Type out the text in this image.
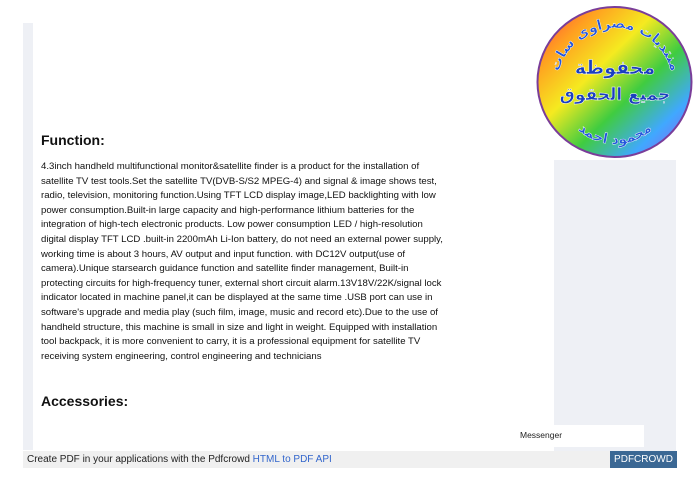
Function:

4.3inch handheld multifunctional monitor&satellite finder is a product for the installation of satellite TV test tools.Set the satellite TV(DVB-S/S2 MPEG-4) and signal & image shows test, radio, television, monitoring function.Using TFT LCD display image,LED backlighting with low power consumption.Built-in large capacity and high-performance lithium batteries for the integration of high-tech electronic products. Low power consumption LED / high-resolution digital display TFT LCD .built-in 2200mAh Li-Ion battery, do not need an external power supply, working time is about 3 hours, AV output and input function. with DC12V output(use of camera).Unique starsearch guidance function and satellite finder management, Built-in protecting circuits for high-frequency tuner, external short circuit alarm.13V18V/22K/signal lock indicator located in machine panel,it can be displayed at the same time .USB port can use in software's upgrade and media play (such film, image, music and record etc).Due to the use of handheld structure, this machine is small in size and light in weight. Equipped with installation tool backpack, it is more convenient to carry, it is a professional equipment for satellite TV receiving system engineering, control engineering and technicians

Accessories:
Messenger
منتديات مصراوى سات
محفوظة
جميع الحقوق
محمود احمد
Create PDF in your applications with the Pdfcrowd HTML to PDF API	PDFCROWD
